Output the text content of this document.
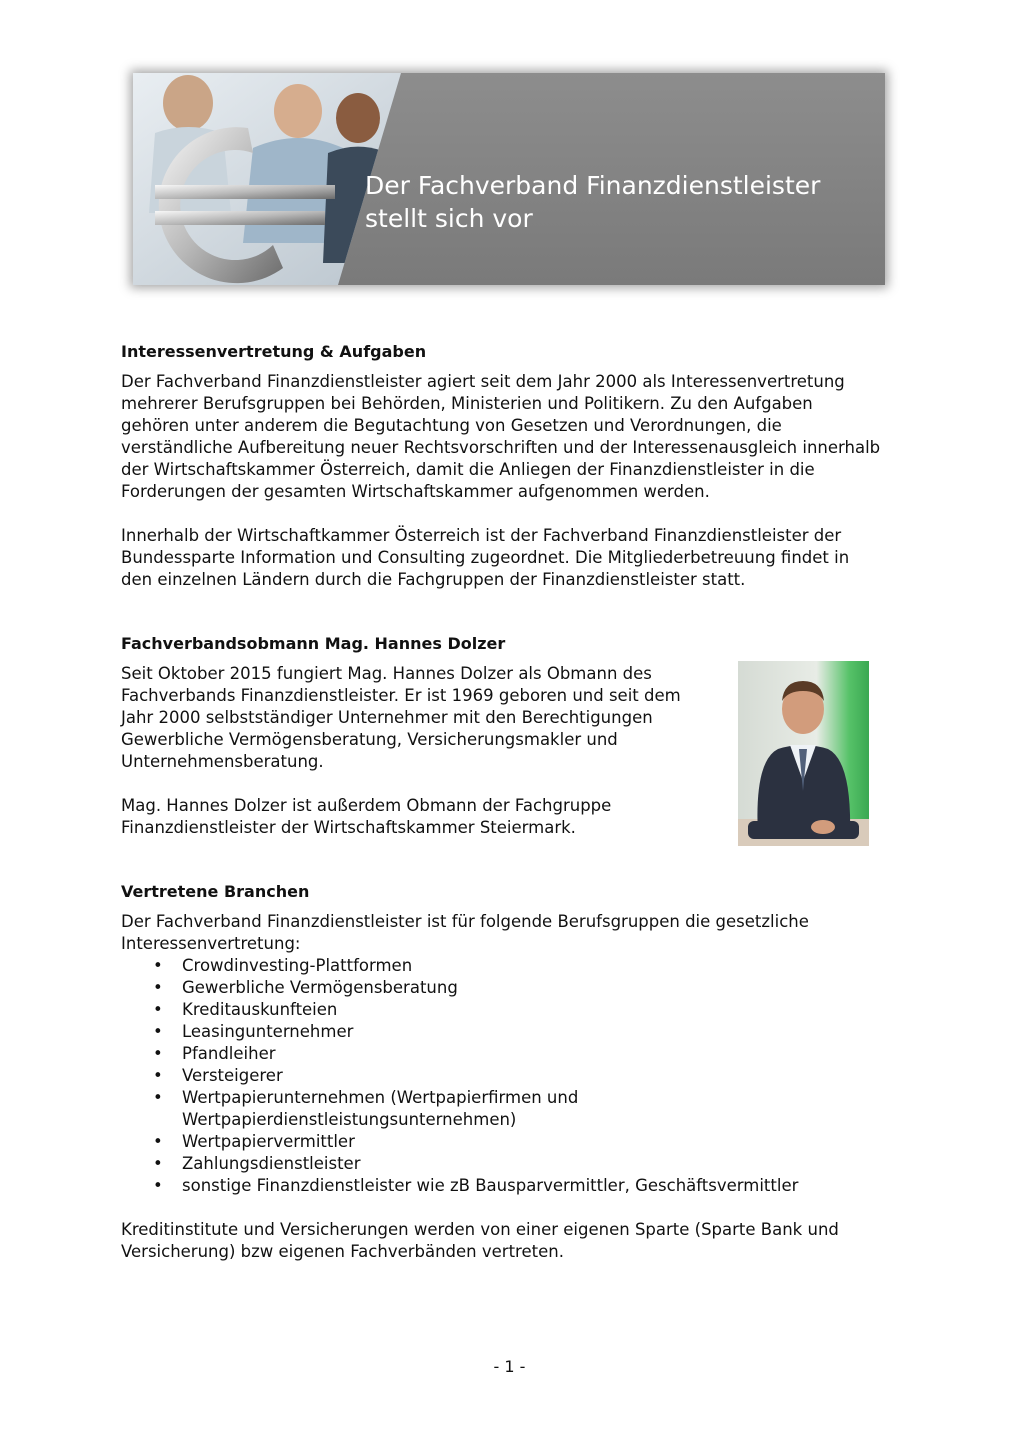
Der Fachverband Finanzdienstleister
stellt sich vor
Interessenvertretung & Aufgaben

Der Fachverband Finanzdienstleister agiert seit dem Jahr 2000 als Interessenvertretung
mehrerer Berufsgruppen bei Behörden, Ministerien und Politikern. Zu den Aufgaben
gehören unter anderem die Begutachtung von Gesetzen und Verordnungen, die
verständliche Aufbereitung neuer Rechtsvorschriften und der Interessenausgleich innerhalb
der Wirtschaftskammer Österreich, damit die Anliegen der Finanzdienstleister in die
Forderungen der gesamten Wirtschaftskammer aufgenommen werden.

Innerhalb der Wirtschaftkammer Österreich ist der Fachverband Finanzdienstleister der
Bundessparte Information und Consulting zugeordnet. Die Mitgliederbetreuung findet in
den einzelnen Ländern durch die Fachgruppen der Finanzdienstleister statt.

Fachverbandsobmann Mag. Hannes Dolzer

Seit Oktober 2015 fungiert Mag. Hannes Dolzer als Obmann des
Fachverbands Finanzdienstleister. Er ist 1969 geboren und seit dem
Jahr 2000 selbstständiger Unternehmer mit den Berechtigungen
Gewerbliche Vermögensberatung, Versicherungsmakler und
Unternehmensberatung.

Mag. Hannes Dolzer ist außerdem Obmann der Fachgruppe
Finanzdienstleister der Wirtschaftskammer Steiermark.

Vertretene Branchen

Der Fachverband Finanzdienstleister ist für folgende Berufsgruppen die gesetzliche
Interessenvertretung:

• Crowdinvesting-Plattformen
• Gewerbliche Vermögensberatung
• Kreditauskunfteien
• Leasingunternehmer
• Pfandleiher
• Versteigerer
• Wertpapierunternehmen (Wertpapierfirmen und
Wertpapierdienstleistungsunternehmen)
• Wertpapiervermittler
• Zahlungsdienstleister
• sonstige Finanzdienstleister wie zB Bausparvermittler, Geschäftsvermittler

Kreditinstitute und Versicherungen werden von einer eigenen Sparte (Sparte Bank und
Versicherung) bzw eigenen Fachverbänden vertreten.

- 1 -
